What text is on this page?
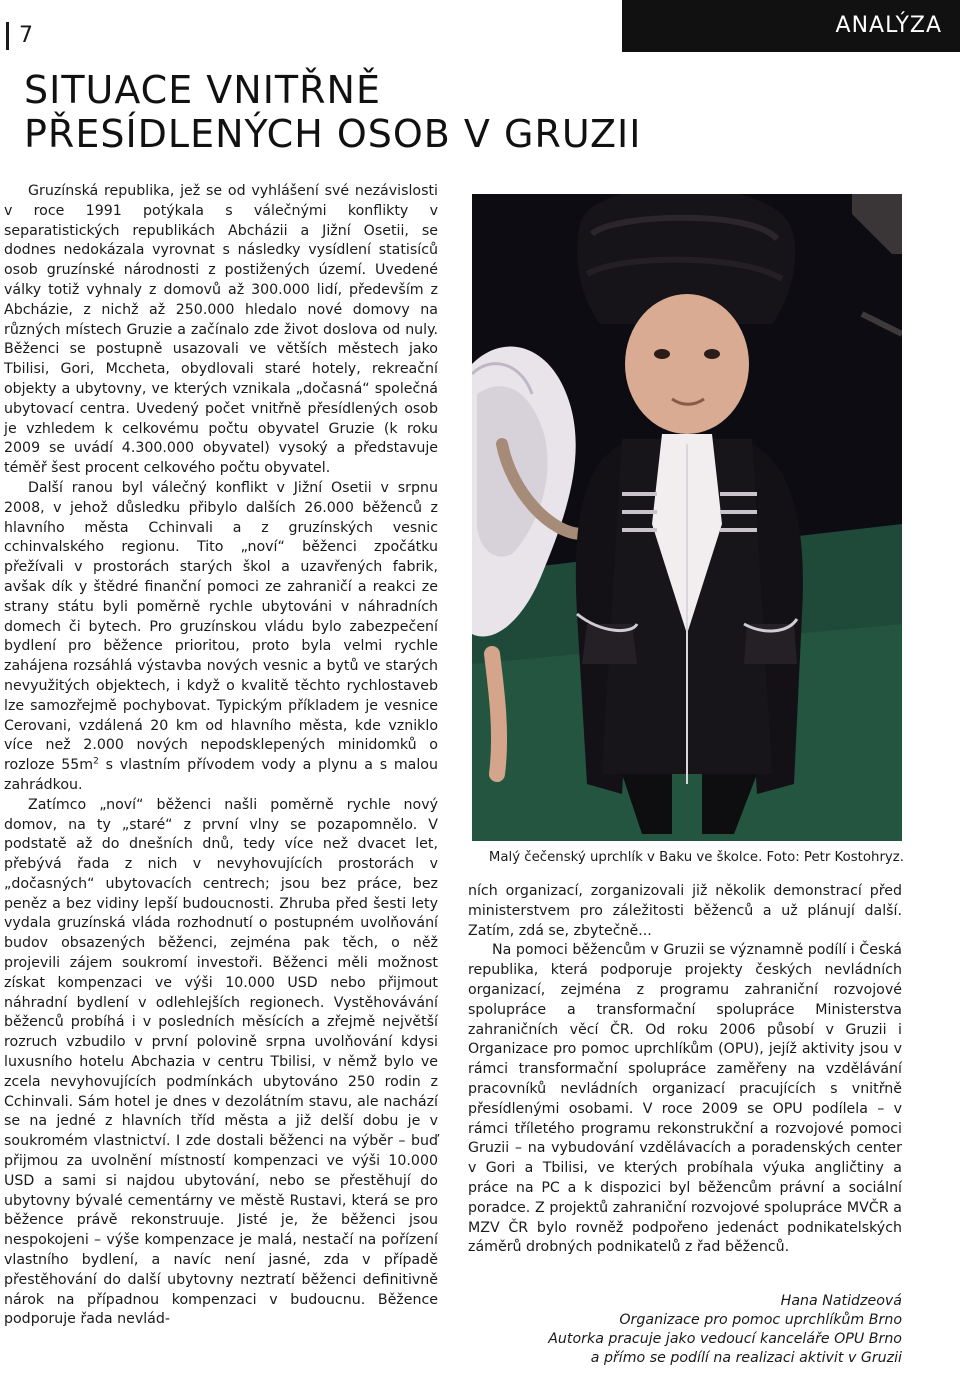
7	ANALÝZA
SITUACE VNITŘNĚ
PŘESÍDLENÝCH OSOB V GRUZII

Gruzínská republika, jež se od vyhlášení své nezávislosti v roce 1991 potýkala s válečnými konflikty v separatistických republikách Abcházii a Jižní Osetii, se dodnes nedokázala vyrovnat s následky vysídlení statisíců osob gruzínské národnosti z postižených území. Uvedené války totiž vyhnaly z domovů až 300.000 lidí, především z Abcházie, z nichž až 250.000 hledalo nové domovy na různých místech Gruzie a začínalo zde život doslova od nuly. Běženci se postupně usazovali ve větších městech jako Tbilisi, Gori, Mccheta, obydlovali staré hotely, rekreační objekty a ubytovny, ve kterých vznikala „dočasná“ společná ubytovací centra. Uvedený počet vnitřně přesídlených osob je vzhledem k celkovému počtu obyvatel Gruzie (k roku 2009 se uvádí 4.300.000 obyvatel) vysoký a představuje téměř šest procent celkového počtu obyvatel.

Další ranou byl válečný konflikt v Jižní Osetii v srpnu 2008, v jehož důsledku přibylo dalších 26.000 běženců z hlavního města Cchinvali a z gruzínských vesnic cchinvalského regionu. Tito „noví“ běženci zpočátku přežívali v prostorách starých škol a uzavřených fabrik, avšak dík y štědré finanční pomoci ze zahraničí a reakci ze strany státu byli poměrně rychle ubytováni v náhradních domech či bytech. Pro gruzínskou vládu bylo zabezpečení bydlení pro běžence prioritou, proto byla velmi rychle zahájena rozsáhlá výstavba nových vesnic a bytů ve starých nevyužitých objektech, i když o kvalitě těchto rychlostaveb lze samozřejmě pochybovat. Typickým příkladem je vesnice Cerovani, vzdálená 20 km od hlavního města, kde vzniklo více než 2.000 nových nepodsklepených minidomků o rozloze $55m^2$ s vlastním přívodem vody a plynu a s malou zahrádkou.

Zatímco „noví“ běženci našli poměrně rychle nový domov, na ty „staré“ z první vlny se pozapomnělo. V podstatě až do dnešních dnů, tedy více než dvacet let, přebývá řada z nich v nevyhovujících prostorách v „dočasných“ ubytovacích centrech; jsou bez práce, bez peněz a bez vidiny lepší budoucnosti. Zhruba před šesti lety vydala gruzínská vláda rozhodnutí o postupném uvolňování budov obsazených běženci, zejména pak těch, o něž projevili zájem soukromí investoři. Běženci měli možnost získat kompenzaci ve výši 10.000 USD nebo přijmout náhradní bydlení v odlehlejších regionech. Vystěhovávání běženců probíhá i v posledních měsících a zřejmě největší rozruch vzbudilo v první polovině srpna uvolňování kdysi luxusního hotelu Abchazia v centru Tbilisi, v němž bylo ve zcela nevyhovujících podmínkách ubytováno 250 rodin z Cchinvali. Sám hotel je dnes v dezolátním stavu, ale nachází se na jedné z hlavních tříd města a již delší dobu je v soukromém vlastnictví. I zde dostali běženci na výběr – buď přijmou za uvolnění místností kompenzaci ve výši 10.000 USD a sami si najdou ubytování, nebo se přestěhují do ubytovny bývalé cementárny ve městě Rustavi, která se pro běžence právě rekonstruuje. Jisté je, že běženci jsou nespokojeni – výše kompenzace je malá, nestačí na pořízení vlastního bydlení, a navíc není jasné, zda v případě přestěhování do další ubytovny neztratí běženci definitivně nárok na případnou kompenzaci v budoucnu. Běžence podporuje řada nevlád-

Malý čečenský uprchlík v Baku ve školce. Foto: Petr Kostohryz.

ních organizací, zorganizovali již několik demonstrací před ministerstvem pro záležitosti běženců a už plánují další. Zatím, zdá se, zbytečně...

Na pomoci běžencům v Gruzii se významně podílí i Česká republika, která podporuje projekty českých nevládních organizací, zejména z programu zahraniční rozvojové spolupráce a transformační spolupráce Ministerstva zahraničních věcí ČR. Od roku 2006 působí v Gruzii i Organizace pro pomoc uprchlíkům (OPU), jejíž aktivity jsou v rámci transformační spolupráce zaměřeny na vzdělávání pracovníků nevládních organizací pracujících s vnitřně přesídlenými osobami. V roce 2009 se OPU podílela – v rámci tříletého programu rekonstrukční a rozvojové pomoci Gruzii – na vybudování vzdělávacích a poradenských center v Gori a Tbilisi, ve kterých probíhala výuka angličtiny a práce na PC a k dispozici byl běžencům právní a sociální poradce. Z projektů zahraniční rozvojové spolupráce MVČR a MZV ČR bylo rovněž podpořeno jedenáct podnikatelských záměrů drobných podnikatelů z řad běženců.

Hana Natidzeová
Organizace pro pomoc uprchlíkům Brno
Autorka pracuje jako vedoucí kanceláře OPU Brno
a přímo se podílí na realizaci aktivit v Gruzii
